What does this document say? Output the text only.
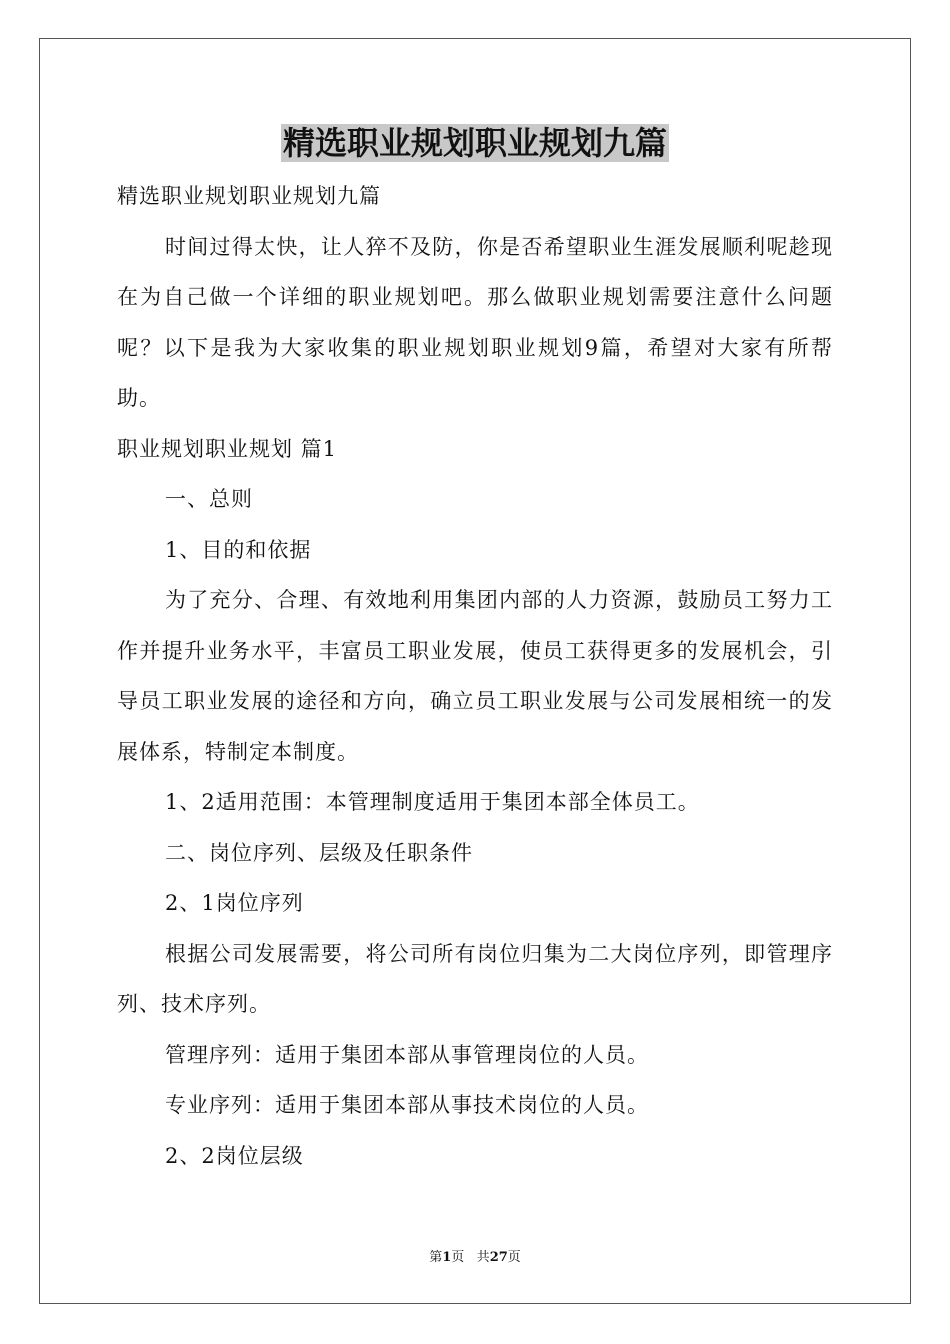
精选职业规划职业规划九篇

精选职业规划职业规划九篇

时间过得太快，让人猝不及防，你是否希望职业生涯发展顺利呢趁现在为自己做一个详细的职业规划吧。那么做职业规划需要注意什么问题呢？以下是我为大家收集的职业规划职业规划9篇，希望对大家有所帮助。

职业规划职业规划 篇1

一、总则

1、目的和依据

为了充分、合理、有效地利用集团内部的人力资源，鼓励员工努力工作并提升业务水平，丰富员工职业发展，使员工获得更多的发展机会，引导员工职业发展的途径和方向，确立员工职业发展与公司发展相统一的发展体系，特制定本制度。

1、2适用范围：本管理制度适用于集团本部全体员工。

二、岗位序列、层级及任职条件

2、1岗位序列

根据公司发展需要，将公司所有岗位归集为二大岗位序列，即管理序列、技术序列。

管理序列：适用于集团本部从事管理岗位的人员。

专业序列：适用于集团本部从事技术岗位的人员。

2、2岗位层级

第1页 共27页
